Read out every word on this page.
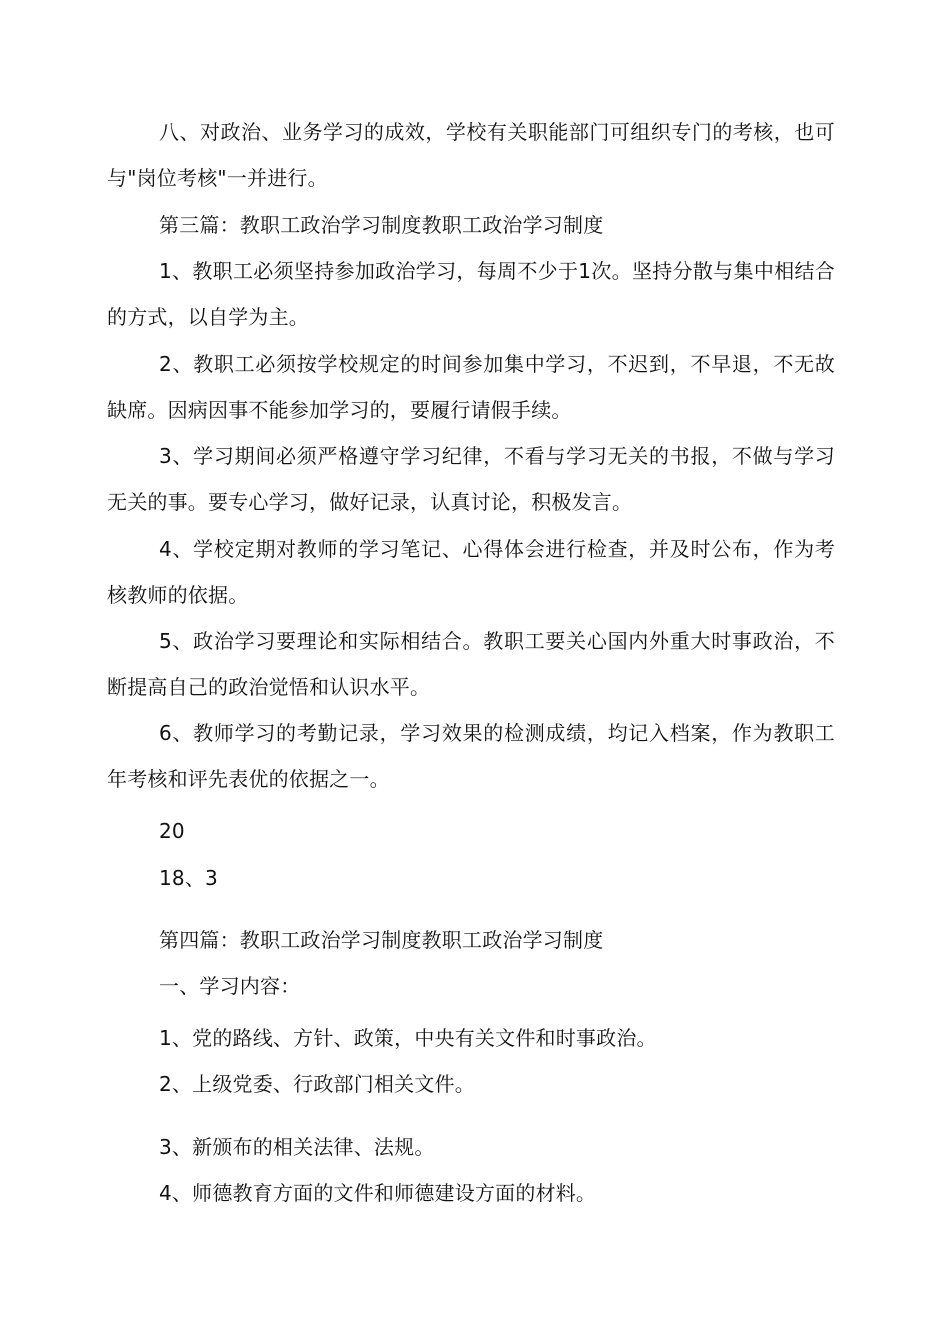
八、对政治、业务学习的成效，学校有关职能部门可组织专门的考核，也可与"岗位考核"一并进行。

第三篇：教职工政治学习制度教职工政治学习制度

1、教职工必须坚持参加政治学习，每周不少于1次。坚持分散与集中相结合的方式，以自学为主。

2、教职工必须按学校规定的时间参加集中学习，不迟到，不早退，不无故缺席。因病因事不能参加学习的，要履行请假手续。

3、学习期间必须严格遵守学习纪律，不看与学习无关的书报，不做与学习无关的事。要专心学习，做好记录，认真讨论，积极发言。

4、学校定期对教师的学习笔记、心得体会进行检查，并及时公布，作为考核教师的依据。

5、政治学习要理论和实际相结合。教职工要关心国内外重大时事政治，不断提高自己的政治觉悟和认识水平。

6、教师学习的考勤记录，学习效果的检测成绩，均记入档案，作为教职工年考核和评先表优的依据之一。

20

18、3

第四篇：教职工政治学习制度教职工政治学习制度

一、学习内容：

1、党的路线、方针、政策，中央有关文件和时事政治。

2、上级党委、行政部门相关文件。

3、新颁布的相关法律、法规。

4、师德教育方面的文件和师德建设方面的材料。
